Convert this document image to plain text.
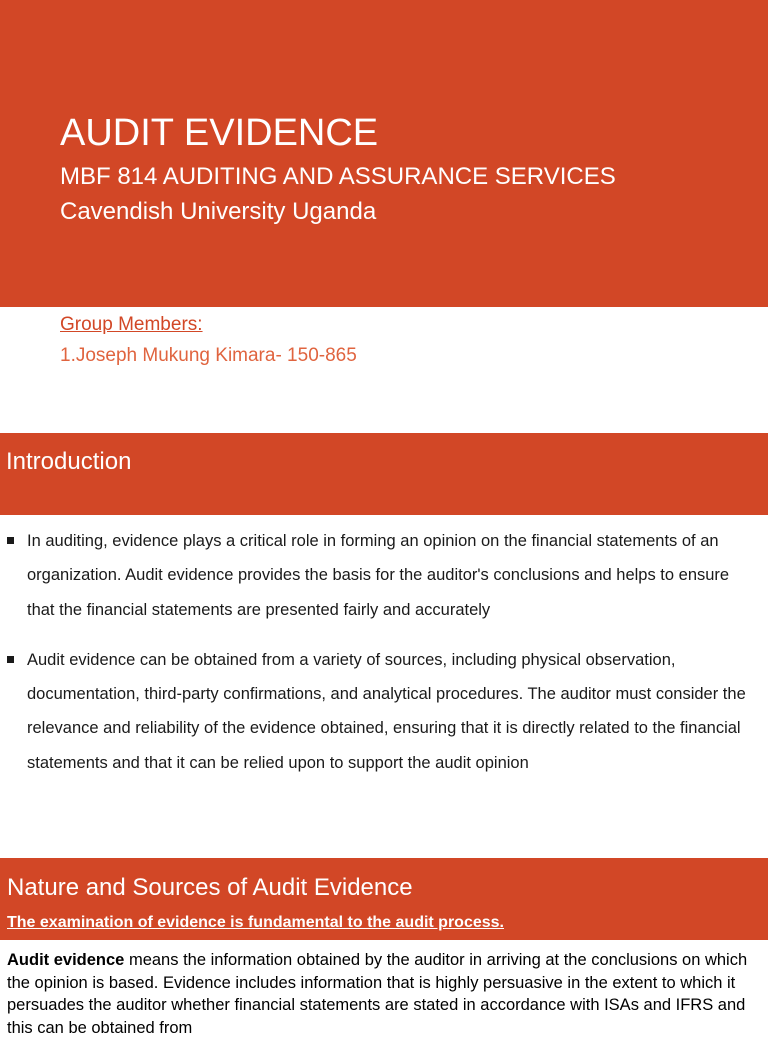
AUDIT EVIDENCE
MBF 814 AUDITING AND ASSURANCE SERVICES
Cavendish University Uganda
Group Members:
1.Joseph Mukung Kimara- 150-865
Introduction
In auditing, evidence plays a critical role in forming an opinion on the financial statements of an organization. Audit evidence provides the basis for the auditor's conclusions and helps to ensure that the financial statements are presented fairly and accurately
Audit evidence can be obtained from a variety of sources, including physical observation, documentation, third-party confirmations, and analytical procedures. The auditor must consider the relevance and reliability of the evidence obtained, ensuring that it is directly related to the financial statements and that it can be relied upon to support the audit opinion
Nature and Sources of Audit Evidence
The examination of evidence is fundamental to the audit process.
Audit evidence means the information obtained by the auditor in arriving at the conclusions on which the opinion is based. Evidence includes information that is highly persuasive in the extent to which it persuades the auditor whether financial statements are stated in accordance with ISAs and IFRS and this can be obtained from
